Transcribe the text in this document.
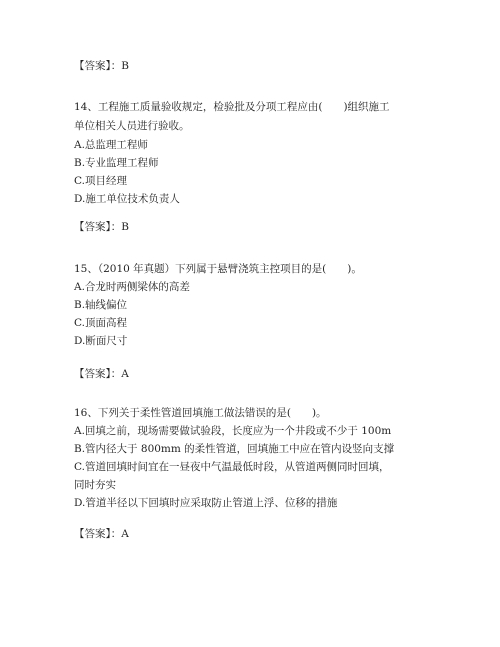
【答案】：B
14、工程施工质量验收规定，检验批及分项工程应由(　　)组织施工
单位相关人员进行验收。
A.总监理工程师
B.专业监理工程师
C.项目经理
D.施工单位技术负责人
【答案】：B
15、（2010 年真题）下列属于悬臂浇筑主控项目的是(　　)。
A.合龙时两侧梁体的高差
B.轴线偏位
C.顶面高程
D.断面尺寸
【答案】：A
16、下列关于柔性管道回填施工做法错误的是(　　)。
A.回填之前，现场需要做试验段，长度应为一个井段或不少于 100m
B.管内径大于 800mm 的柔性管道，回填施工中应在管内设竖向支撑
C.管道回填时间宜在一昼夜中气温最低时段，从管道两侧同时回填，
同时夯实
D.管道半径以下回填时应采取防止管道上浮、位移的措施
【答案】：A
